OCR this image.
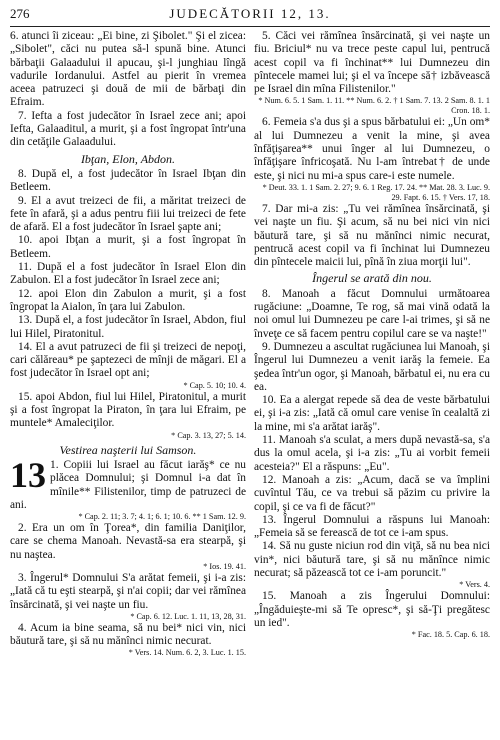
276	JUDECĂTORII 12, 13.

6. atunci îi ziceau: „Ei bine, zi Şibolet." Şi el zicea: „Sibolet", căci nu putea să-l spună bine. Atunci bărbaţii Galaadului il apucau, şi-l junghiau lîngă vadurile Iordanului. Astfel au pierit în vremea aceea patruzeci şi două de mii de bărbaţi din Efraim.

7. Iefta a fost judecător în Israel zece ani; apoi Iefta, Galaaditul, a murit, şi a fost îngropat într'una din cetăţile Galaadului.

Ibţan, Elon, Abdon.

8. După el, a fost judecător în Israel Ibţan din Betleem.

9. El a avut treizeci de fii, a măritat treizeci de fete în afară, şi a adus pentru fiii lui treizeci de fete de afară. El a fost judecător în Israel şapte ani;

10. apoi Ibţan a murit, şi a fost îngropat în Betleem.

11. După el a fost judecător în Israel Elon din Zabulon. El a fost judecător în Israel zece ani;

12. apoi Elon din Zabulon a murit, şi a fost îngropat la Aialon, în ţara lui Zabulon.

13. După el, a fost judecător în Israel, Abdon, fiul lui Hilel, Piratonitul.

14. El a avut patruzeci de fii şi treizeci de nepoţi, cari călăreau* pe şaptezeci de mînji de măgari. El a fost judecător în Israel opt ani;

* Cap. 5. 10; 10. 4.

15. apoi Abdon, fiul lui Hilel, Piratonitul, a murit şi a fost îngropat la Piraton, în ţara lui Efraim, pe muntele* Amaleciţilor.

* Cap. 3. 13, 27; 5. 14.

Vestirea naşterii lui Samson.

13 1. Copiii lui Israel au făcut iarăş* ce nu plăcea Domnului; şi Domnul i-a dat în mînile** Filistenilor, timp de patruzeci de ani.

* Cap. 2. 11; 3. 7; 4. 1; 6. 1; 10. 6. ** 1 Sam. 12. 9.

2. Era un om în Ţorea*, din familia Daniţilor, care se chema Manoah. Nevastă-sa era stearpă, şi nu naştea.

* Ios. 19. 41.

3. Îngerul* Domnului S'a arătat femeii, şi i-a zis: „Iată că tu eşti stearpă, şi n'ai copii; dar vei rămînea însărcinată, şi vei naşte un fiu.

* Cap. 6. 12. Luc. 1. 11, 13, 28, 31.

4. Acum ia bine seama, să nu bei* nici vin, nici băutură tare, şi să nu mănînci nimic necurat.

* Vers. 14. Num. 6. 2, 3. Luc. 1. 15.

5. Căci vei rămînea însărcinată, şi vei naşte un fiu. Briciul* nu va trece peste capul lui, pentrucă acest copil va fi închinat** lui Dumnezeu din pîntecele mamei lui; şi el va începe să† izbăvească pe Israel din mîna Filistenilor."

* Num. 6. 5. 1 Sam. 1. 11. ** Num. 6. 2. † 1 Sam. 7. 13. 2 Sam. 8. 1. 1 Cron. 18. 1.

6. Femeia s'a dus şi a spus bărbatului ei: „Un om* al lui Dumnezeu a venit la mine, şi avea înfăţişarea** unui înger al lui Dumnezeu, o înfăţişare înfricoşată. Nu l-am întrebat† de unde este, şi nici nu mi-a spus care-i este numele.

* Deut. 33. 1. 1 Sam. 2. 27; 9. 6. 1 Reg. 17. 24. ** Mat. 28. 3. Luc. 9. 29. Fapt. 6. 15. † Vers. 17, 18.

7. Dar mi-a zis: „Tu vei rămînea însărcinată, şi vei naşte un fiu. Şi acum, să nu bei nici vin nici băutură tare, şi să nu mănînci nimic necurat, pentrucă acest copil va fi închinat lui Dumnezeu din pîntecele maicii lui, pînă în ziua morţii lui".

Îngerul se arată din nou.

8. Manoah a făcut Domnului următoarea rugăciune: „Doamne, Te rog, să mai vină odată la noi omul lui Dumnezeu pe care l-ai trimes, şi să ne înveţe ce să facem pentru copilul care se va naşte!"

9. Dumnezeu a ascultat rugăciunea lui Manoah, şi Îngerul lui Dumnezeu a venit iarăş la femeie. Ea şedea într'un ogor, şi Manoah, bărbatul ei, nu era cu ea.

10. Ea a alergat repede să dea de veste bărbatului ei, şi i-a zis: „Iată că omul care venise în cealaltă zi la mine, mi s'a arătat iarăş".

11. Manoah s'a sculat, a mers după nevastă-sa, s'a dus la omul acela, şi i-a zis: „Tu ai vorbit femeii acesteia?" El a răspuns: „Eu".

12. Manoah a zis: „Acum, dacă se va împlini cuvîntul Tău, ce va trebui să păzim cu privire la copil, şi ce va fi de făcut?"

13. Îngerul Domnului a răspuns lui Manoah: „Femeia să se ferească de tot ce i-am spus.

14. Să nu guste niciun rod din viţă, să nu bea nici vin*, nici băutură tare, şi să nu mănînce nimic necurat; să păzească tot ce i-am poruncit."

* Vers. 4.

15. Manoah a zis Îngerului Domnului: „Îngăduieşte-mi să Te opresc*, şi să-Ţi pregătesc un ied".

* Fac. 18. 5. Cap. 6. 18.
